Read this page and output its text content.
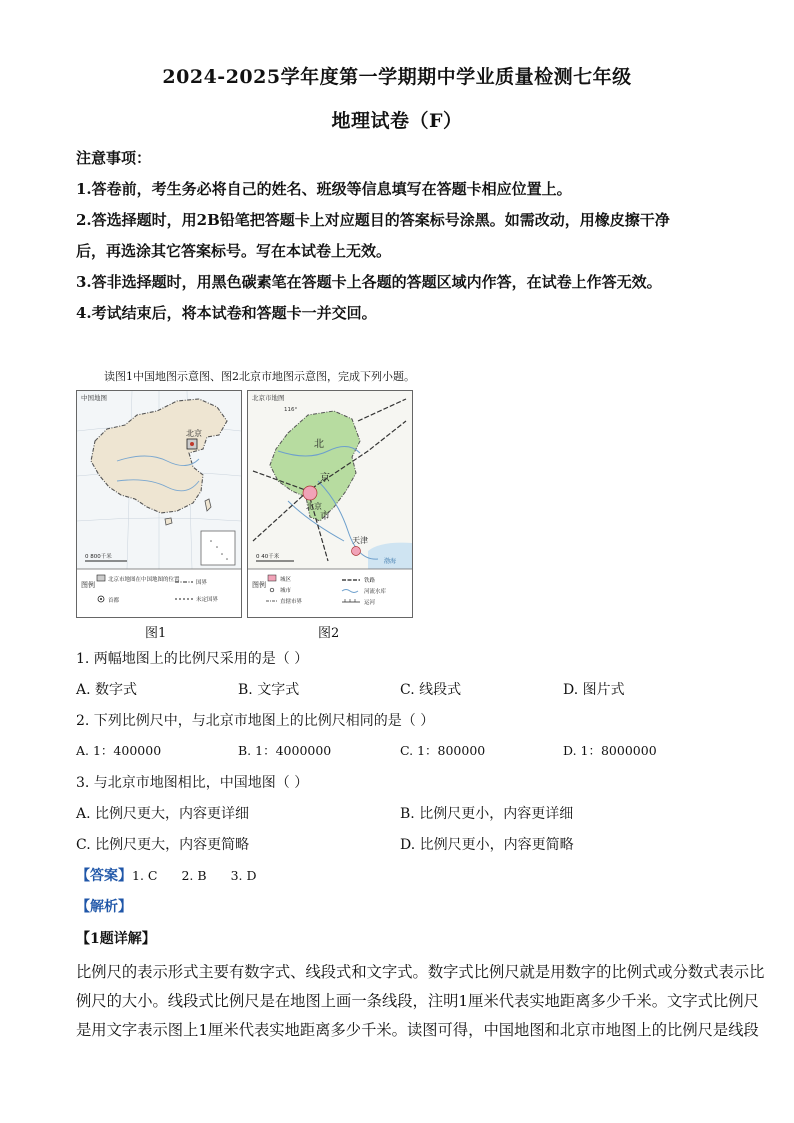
2024-2025学年度第一学期期中学业质量检测七年级
地理试卷（F）
注意事项：
1.答卷前，考生务必将自己的姓名、班级等信息填写在答题卡相应位置上。
2.答选择题时，用2B铅笔把答题卡上对应题目的答案标号涂黑。如需改动，用橡皮擦干净
后，再选涂其它答案标号。写在本试卷上无效。
3.答非选择题时，用黑色碳素笔在答题卡上各题的答题区域内作答，在试卷上作答无效。
4.考试结束后，将本试卷和答题卡一并交回。
读图1中国地图示意图、图2北京市地图示意图，完成下列小题。
北京
中国地图
0 800千米
图例
北京市地图在中国地图的位置	国界
首都	未定国界
北京市地图
116°
北
京
市
北京
天津
渤海
0 40千米
图例
城区
城市
直辖市界
铁路
河流水库
运河
图1	图2
1. 两幅地图上的比例尺采用的是（ ）
A. 数字式	B. 文字式	C. 线段式	D. 图片式
2. 下列比例尺中，与北京市地图上的比例尺相同的是（ ）
A. 1：400000	B. 1：4000000	C. 1：800000	D. 1：8000000
3. 与北京市地图相比，中国地图（ ）
A. 比例尺更大，内容更详细	B. 比例尺更小，内容更详细
C. 比例尺更大，内容更简略	D. 比例尺更小，内容更简略
【答案】1. C 2. B 3. D
【解析】
【1题详解】
比例尺的表示形式主要有数字式、线段式和文字式。数字式比例尺就是用数字的比例式或分数式表示比
例尺的大小。线段式比例尺是在地图上画一条线段，注明1厘米代表实地距离多少千米。文字式比例尺
是用文字表示图上1厘米代表实地距离多少千米。读图可得，中国地图和北京市地图上的比例尺是线段
